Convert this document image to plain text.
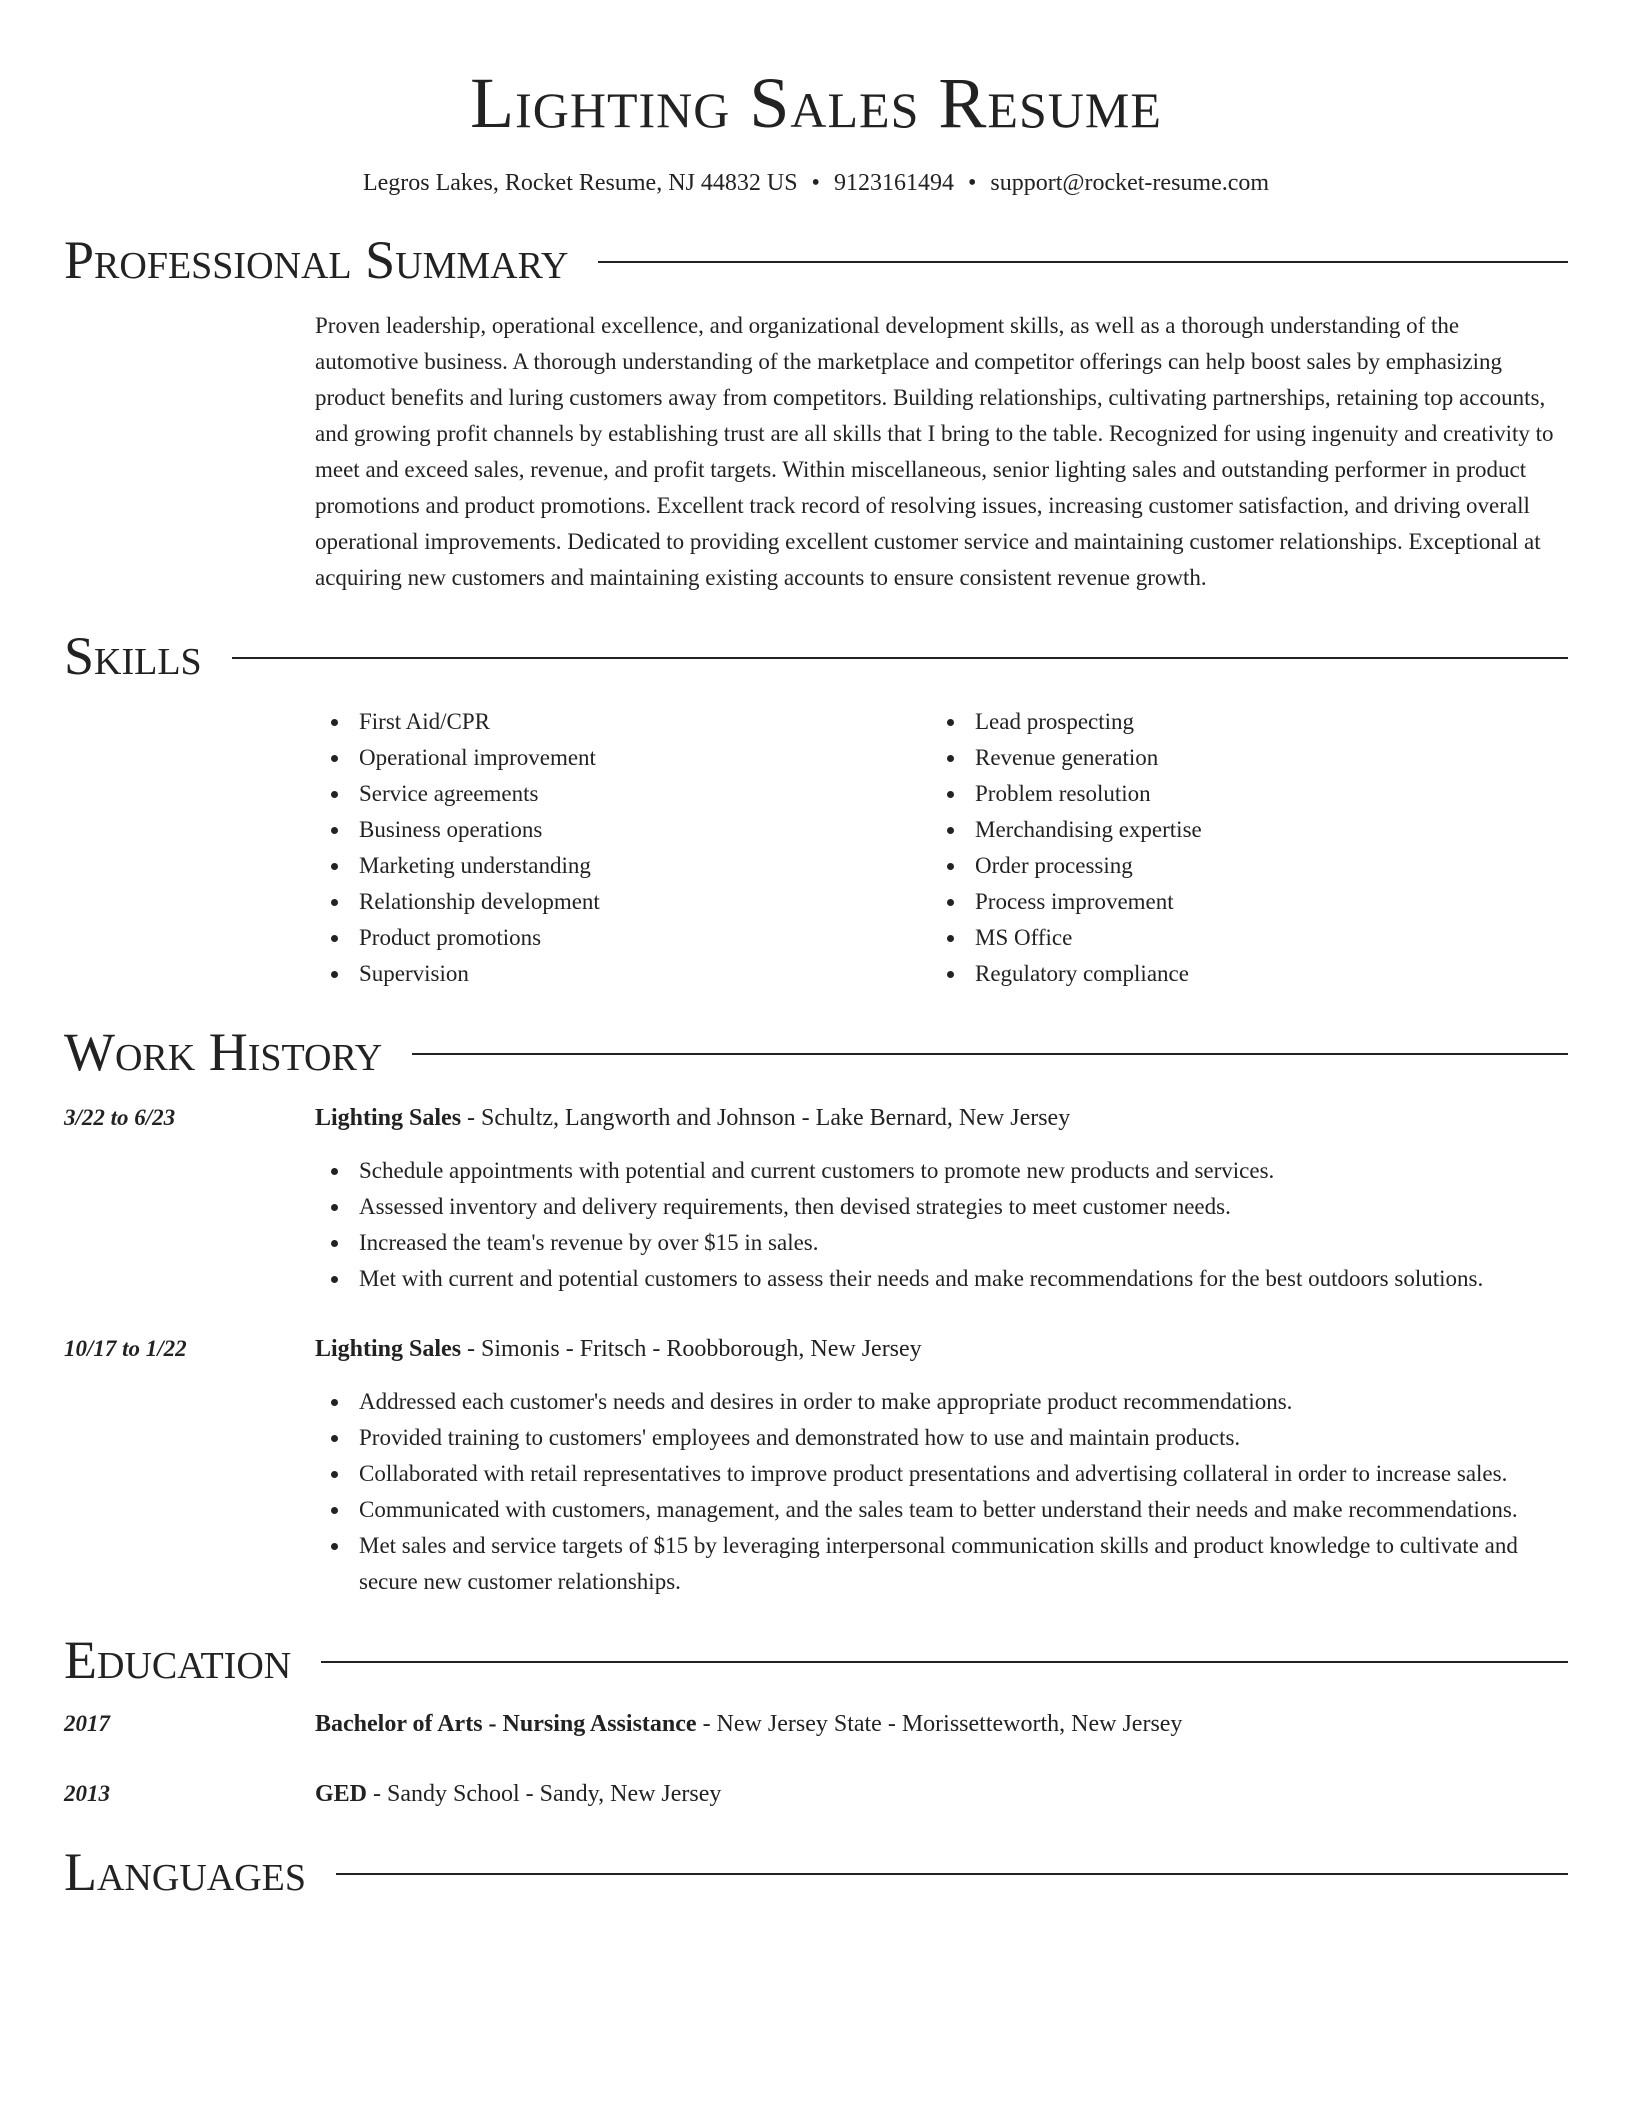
Lighting Sales Resume
Legros Lakes, Rocket Resume, NJ 44832 US • 9123161494 • support@rocket-resume.com
Professional Summary
Proven leadership, operational excellence, and organizational development skills, as well as a thorough understanding of the automotive business. A thorough understanding of the marketplace and competitor offerings can help boost sales by emphasizing product benefits and luring customers away from competitors. Building relationships, cultivating partnerships, retaining top accounts, and growing profit channels by establishing trust are all skills that I bring to the table. Recognized for using ingenuity and creativity to meet and exceed sales, revenue, and profit targets. Within miscellaneous, senior lighting sales and outstanding performer in product promotions and product promotions. Excellent track record of resolving issues, increasing customer satisfaction, and driving overall operational improvements. Dedicated to providing excellent customer service and maintaining customer relationships. Exceptional at acquiring new customers and maintaining existing accounts to ensure consistent revenue growth.
Skills
First Aid/CPR
Operational improvement
Service agreements
Business operations
Marketing understanding
Relationship development
Product promotions
Supervision
Lead prospecting
Revenue generation
Problem resolution
Merchandising expertise
Order processing
Process improvement
MS Office
Regulatory compliance
Work History
3/22 to 6/23	Lighting Sales - Schultz, Langworth and Johnson - Lake Bernard, New Jersey
Schedule appointments with potential and current customers to promote new products and services.
Assessed inventory and delivery requirements, then devised strategies to meet customer needs.
Increased the team's revenue by over $15 in sales.
Met with current and potential customers to assess their needs and make recommendations for the best outdoors solutions.
10/17 to 1/22	Lighting Sales - Simonis - Fritsch - Roobborough, New Jersey
Addressed each customer's needs and desires in order to make appropriate product recommendations.
Provided training to customers' employees and demonstrated how to use and maintain products.
Collaborated with retail representatives to improve product presentations and advertising collateral in order to increase sales.
Communicated with customers, management, and the sales team to better understand their needs and make recommendations.
Met sales and service targets of $15 by leveraging interpersonal communication skills and product knowledge to cultivate and secure new customer relationships.
Education
2017	Bachelor of Arts - Nursing Assistance - New Jersey State - Morissetteworth, New Jersey
2013	GED - Sandy School - Sandy, New Jersey
Languages
